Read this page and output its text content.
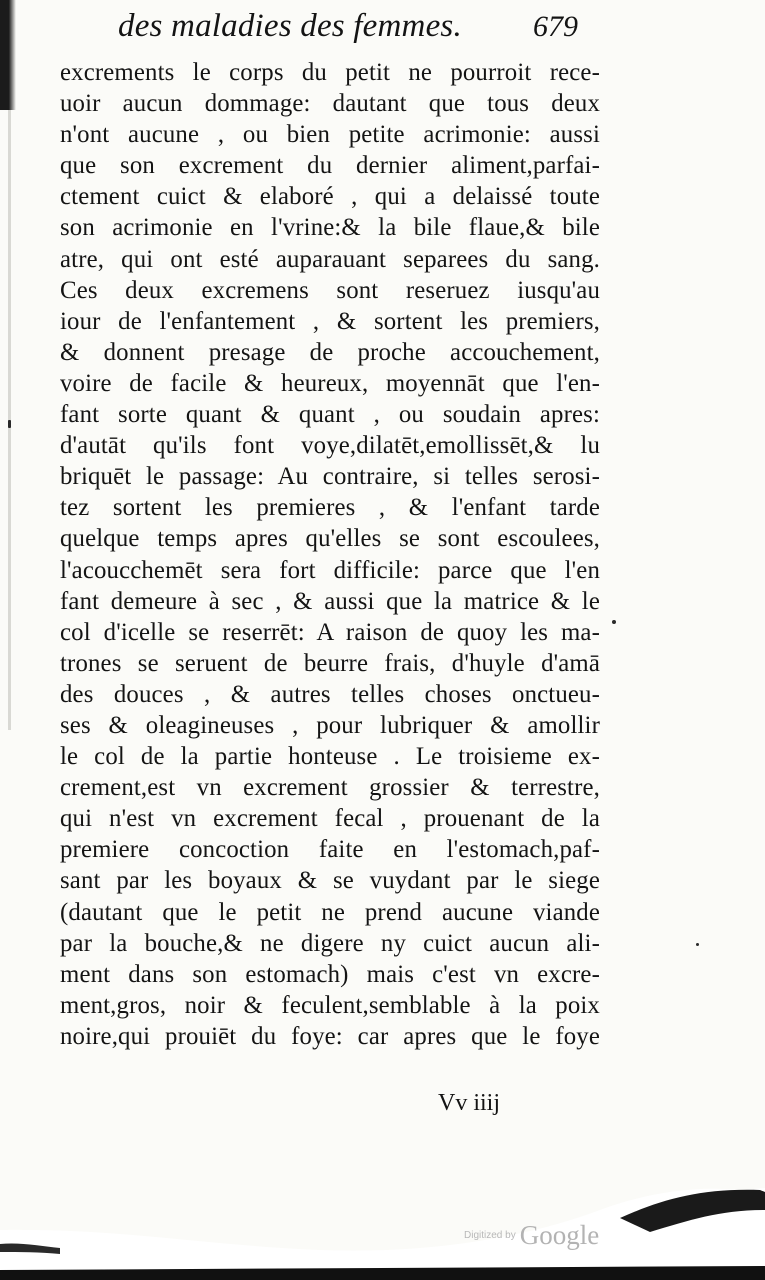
des maladies des femmes. 679
excrements le corps du petit ne pourroit rece-
uoir aucun dommage: dautant que tous deux
n'ont aucune , ou bien petite acrimonie: aussi
que son excrement du dernier aliment,parfai-
ctement cuict & elaboré , qui a delaissé toute
son acrimonie en l'vrine:& la bile flaue,& bile
atre, qui ont esté auparauant separees du sang.
Ces deux excremens sont reseruez iusqu'au
iour de l'enfantement , & sortent les premiers,
& donnent presage de proche accouchement,
voire de facile & heureux, moyennāt que l'en-
fant sorte quant & quant , ou soudain apres:
d'autāt qu'ils font voye,dilatēt,emollissēt,& lu
briquēt le passage: Au contraire, si telles serosi-
tez sortent les premieres , & l'enfant tarde
quelque temps apres qu'elles se sont escoulees,
l'acoucchemēt sera fort difficile: parce que l'en
fant demeure à sec , & aussi que la matrice & le
col d'icelle se reserrēt: A raison de quoy les ma-
trones se seruent de beurre frais, d'huyle d'amā
des douces , & autres telles choses onctueu-
ses & oleagineuses , pour lubriquer & amollir
le col de la partie honteuse . Le troisieme ex-
crement,est vn excrement grossier & terrestre,
qui n'est vn excrement fecal , prouenant de la
premiere concoction faite en l'estomach,paf-
sant par les boyaux & se vuydant par le siege
(dautant que le petit ne prend aucune viande
par la bouche,& ne digere ny cuict aucun ali-
ment dans son estomach) mais c'est vn excre-
ment,gros, noir & feculent,semblable à la poix
noire,qui prouiēt du foye: car apres que le foye
Vv iiij
Digitized by Google
